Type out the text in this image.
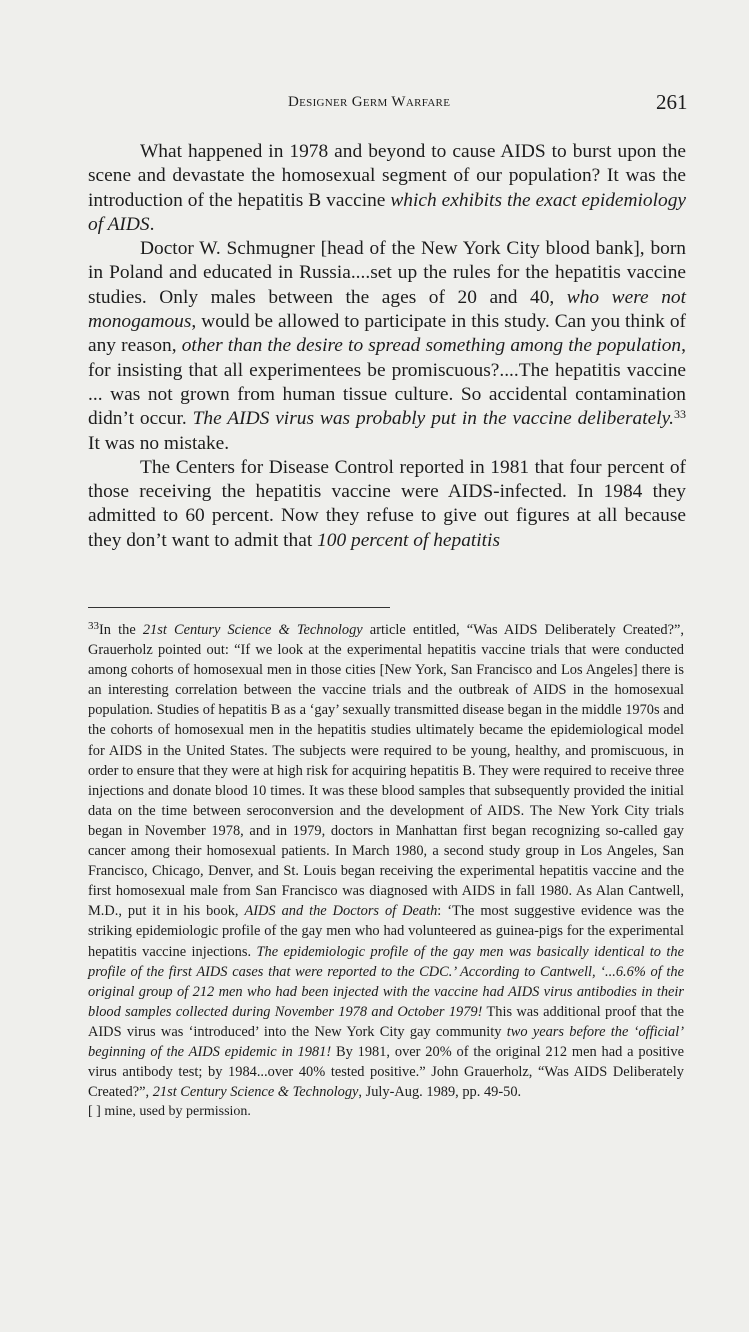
Designer Germ Warfare	261

What happened in 1978 and beyond to cause AIDS to burst upon the scene and devastate the homosexual segment of our population? It was the introduction of the hepatitis B vaccine which exhibits the exact epidemiology of AIDS.

Doctor W. Schmugner [head of the New York City blood bank], born in Poland and educated in Russia....set up the rules for the hepatitis vaccine studies. Only males between the ages of 20 and 40, who were not monogamous, would be allowed to participate in this study. Can you think of any reason, other than the desire to spread something among the population, for insisting that all experimentees be promiscuous?....The hepatitis vaccine ... was not grown from human tissue culture. So accidental contamination didn’t occur. The AIDS virus was probably put in the vaccine deliberately.$^{33}$ It was no mistake.

The Centers for Disease Control reported in 1981 that four percent of those receiving the hepatitis vaccine were AIDS-infected. In 1984 they admitted to 60 percent. Now they refuse to give out figures at all because they don’t want to admit that 100 percent of hepatitis

$^{33}$In the 21st Century Science & Technology article entitled, “Was AIDS Deliberately Created?”, Grauerholz pointed out: “If we look at the experimental hepatitis vaccine trials that were conducted among cohorts of homosexual men in those cities [New York, San Francisco and Los Angeles] there is an interesting correlation between the vaccine trials and the outbreak of AIDS in the homosexual population. Studies of hepatitis B as a ‘gay’ sexually transmitted disease began in the middle 1970s and the cohorts of homosexual men in the hepatitis studies ultimately became the epidemiological model for AIDS in the United States. The subjects were required to be young, healthy, and promiscuous, in order to ensure that they were at high risk for acquiring hepatitis B. They were required to receive three injections and donate blood 10 times. It was these blood samples that subsequently provided the initial data on the time between seroconversion and the development of AIDS. The New York City trials began in November 1978, and in 1979, doctors in Manhattan first began recognizing so-called gay cancer among their homosexual patients. In March 1980, a second study group in Los Angeles, San Francisco, Chicago, Denver, and St. Louis began receiving the experimental hepatitis vaccine and the first homosexual male from San Francisco was diagnosed with AIDS in fall 1980. As Alan Cantwell, M.D., put it in his book, AIDS and the Doctors of Death: ‘The most suggestive evidence was the striking epidemiologic profile of the gay men who had volunteered as guinea-pigs for the experimental hepatitis vaccine injections. The epidemiologic profile of the gay men was basically identical to the profile of the first AIDS cases that were reported to the CDC.’ According to Cantwell, ‘...6.6% of the original group of 212 men who had been injected with the vaccine had AIDS virus antibodies in their blood samples collected during November 1978 and October 1979! This was additional proof that the AIDS virus was ‘introduced’ into the New York City gay community two years before the ‘official’ beginning of the AIDS epidemic in 1981! By 1981, over 20% of the original 212 men had a positive virus antibody test; by 1984...over 40% tested positive.” John Grauerholz, “Was AIDS Deliberately Created?”, 21st Century Science & Technology, July-Aug. 1989, pp. 49-50.

[ ] mine, used by permission.
